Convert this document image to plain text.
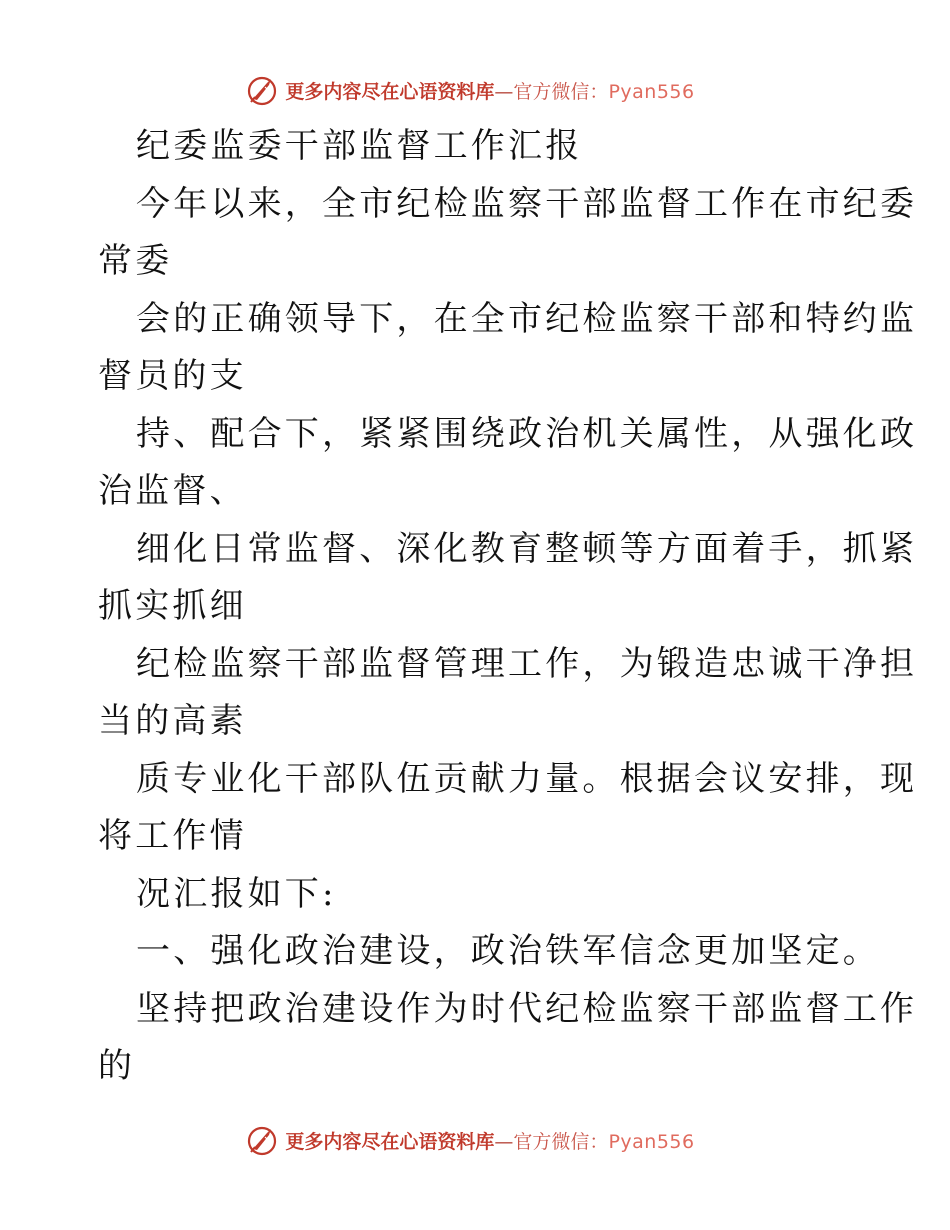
更多内容尽在心语资料库—官方微信：Pyan556
纪委监委干部监督工作汇报
今年以来，全市纪检监察干部监督工作在市纪委
常委
会的正确领导下，在全市纪检监察干部和特约监
督员的支
持、配合下，紧紧围绕政治机关属性，从强化政
治监督、
细化日常监督、深化教育整顿等方面着手，抓紧
抓实抓细
纪检监察干部监督管理工作，为锻造忠诚干净担
当的高素
质专业化干部队伍贡献力量。根据会议安排，现
将工作情
况汇报如下:
一、强化政治建设，政治铁军信念更加坚定。
坚持把政治建设作为时代纪检监察干部监督工作
的
更多内容尽在心语资料库—官方微信：Pyan556
